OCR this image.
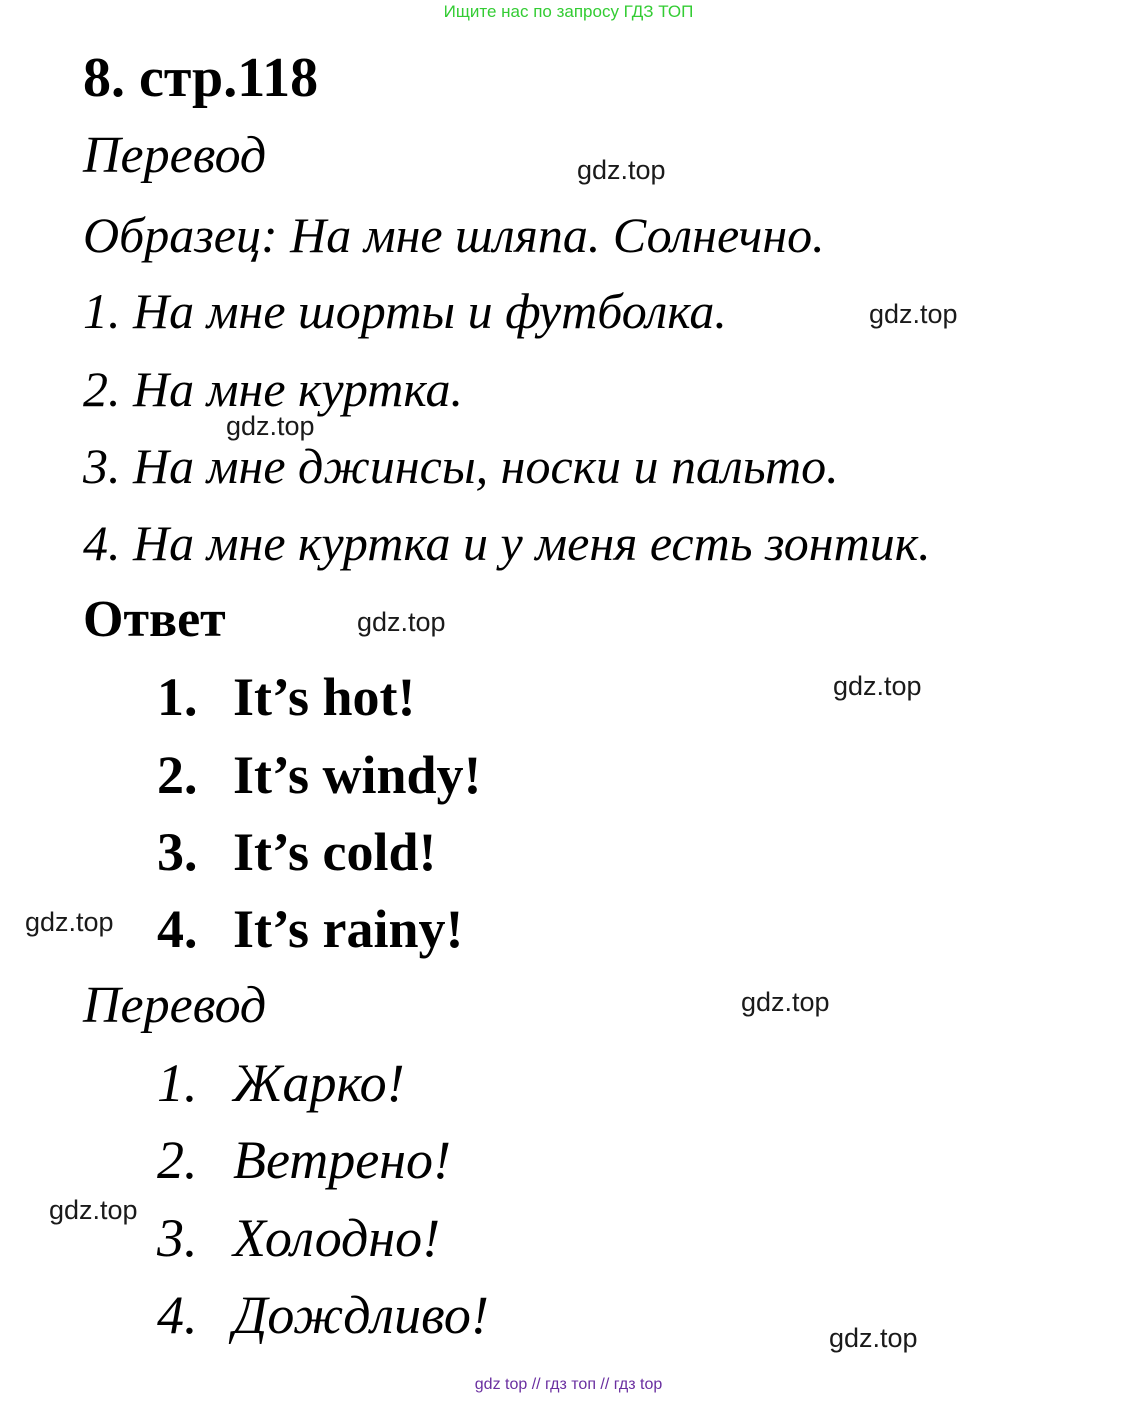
Ищите нас по запросу ГДЗ ТОП
8. стр.118
Перевод
Образец: На мне шляпа. Солнечно.
1. На мне шорты и футболка.
2. На мне куртка.
3. На мне джинсы, носки и пальто.
4. На мне куртка и у меня есть зонтик.
Ответ
1. It’s hot!
2. It’s windy!
3. It’s cold!
4. It’s rainy!
Перевод
1. Жарко!
2. Ветрено!
3. Холодно!
4. Дождливо!
gdz.top
gdz.top
gdz.top
gdz.top
gdz.top
gdz.top
gdz.top
gdz.top
gdz.top
gdz top // гдз топ // гдз top
